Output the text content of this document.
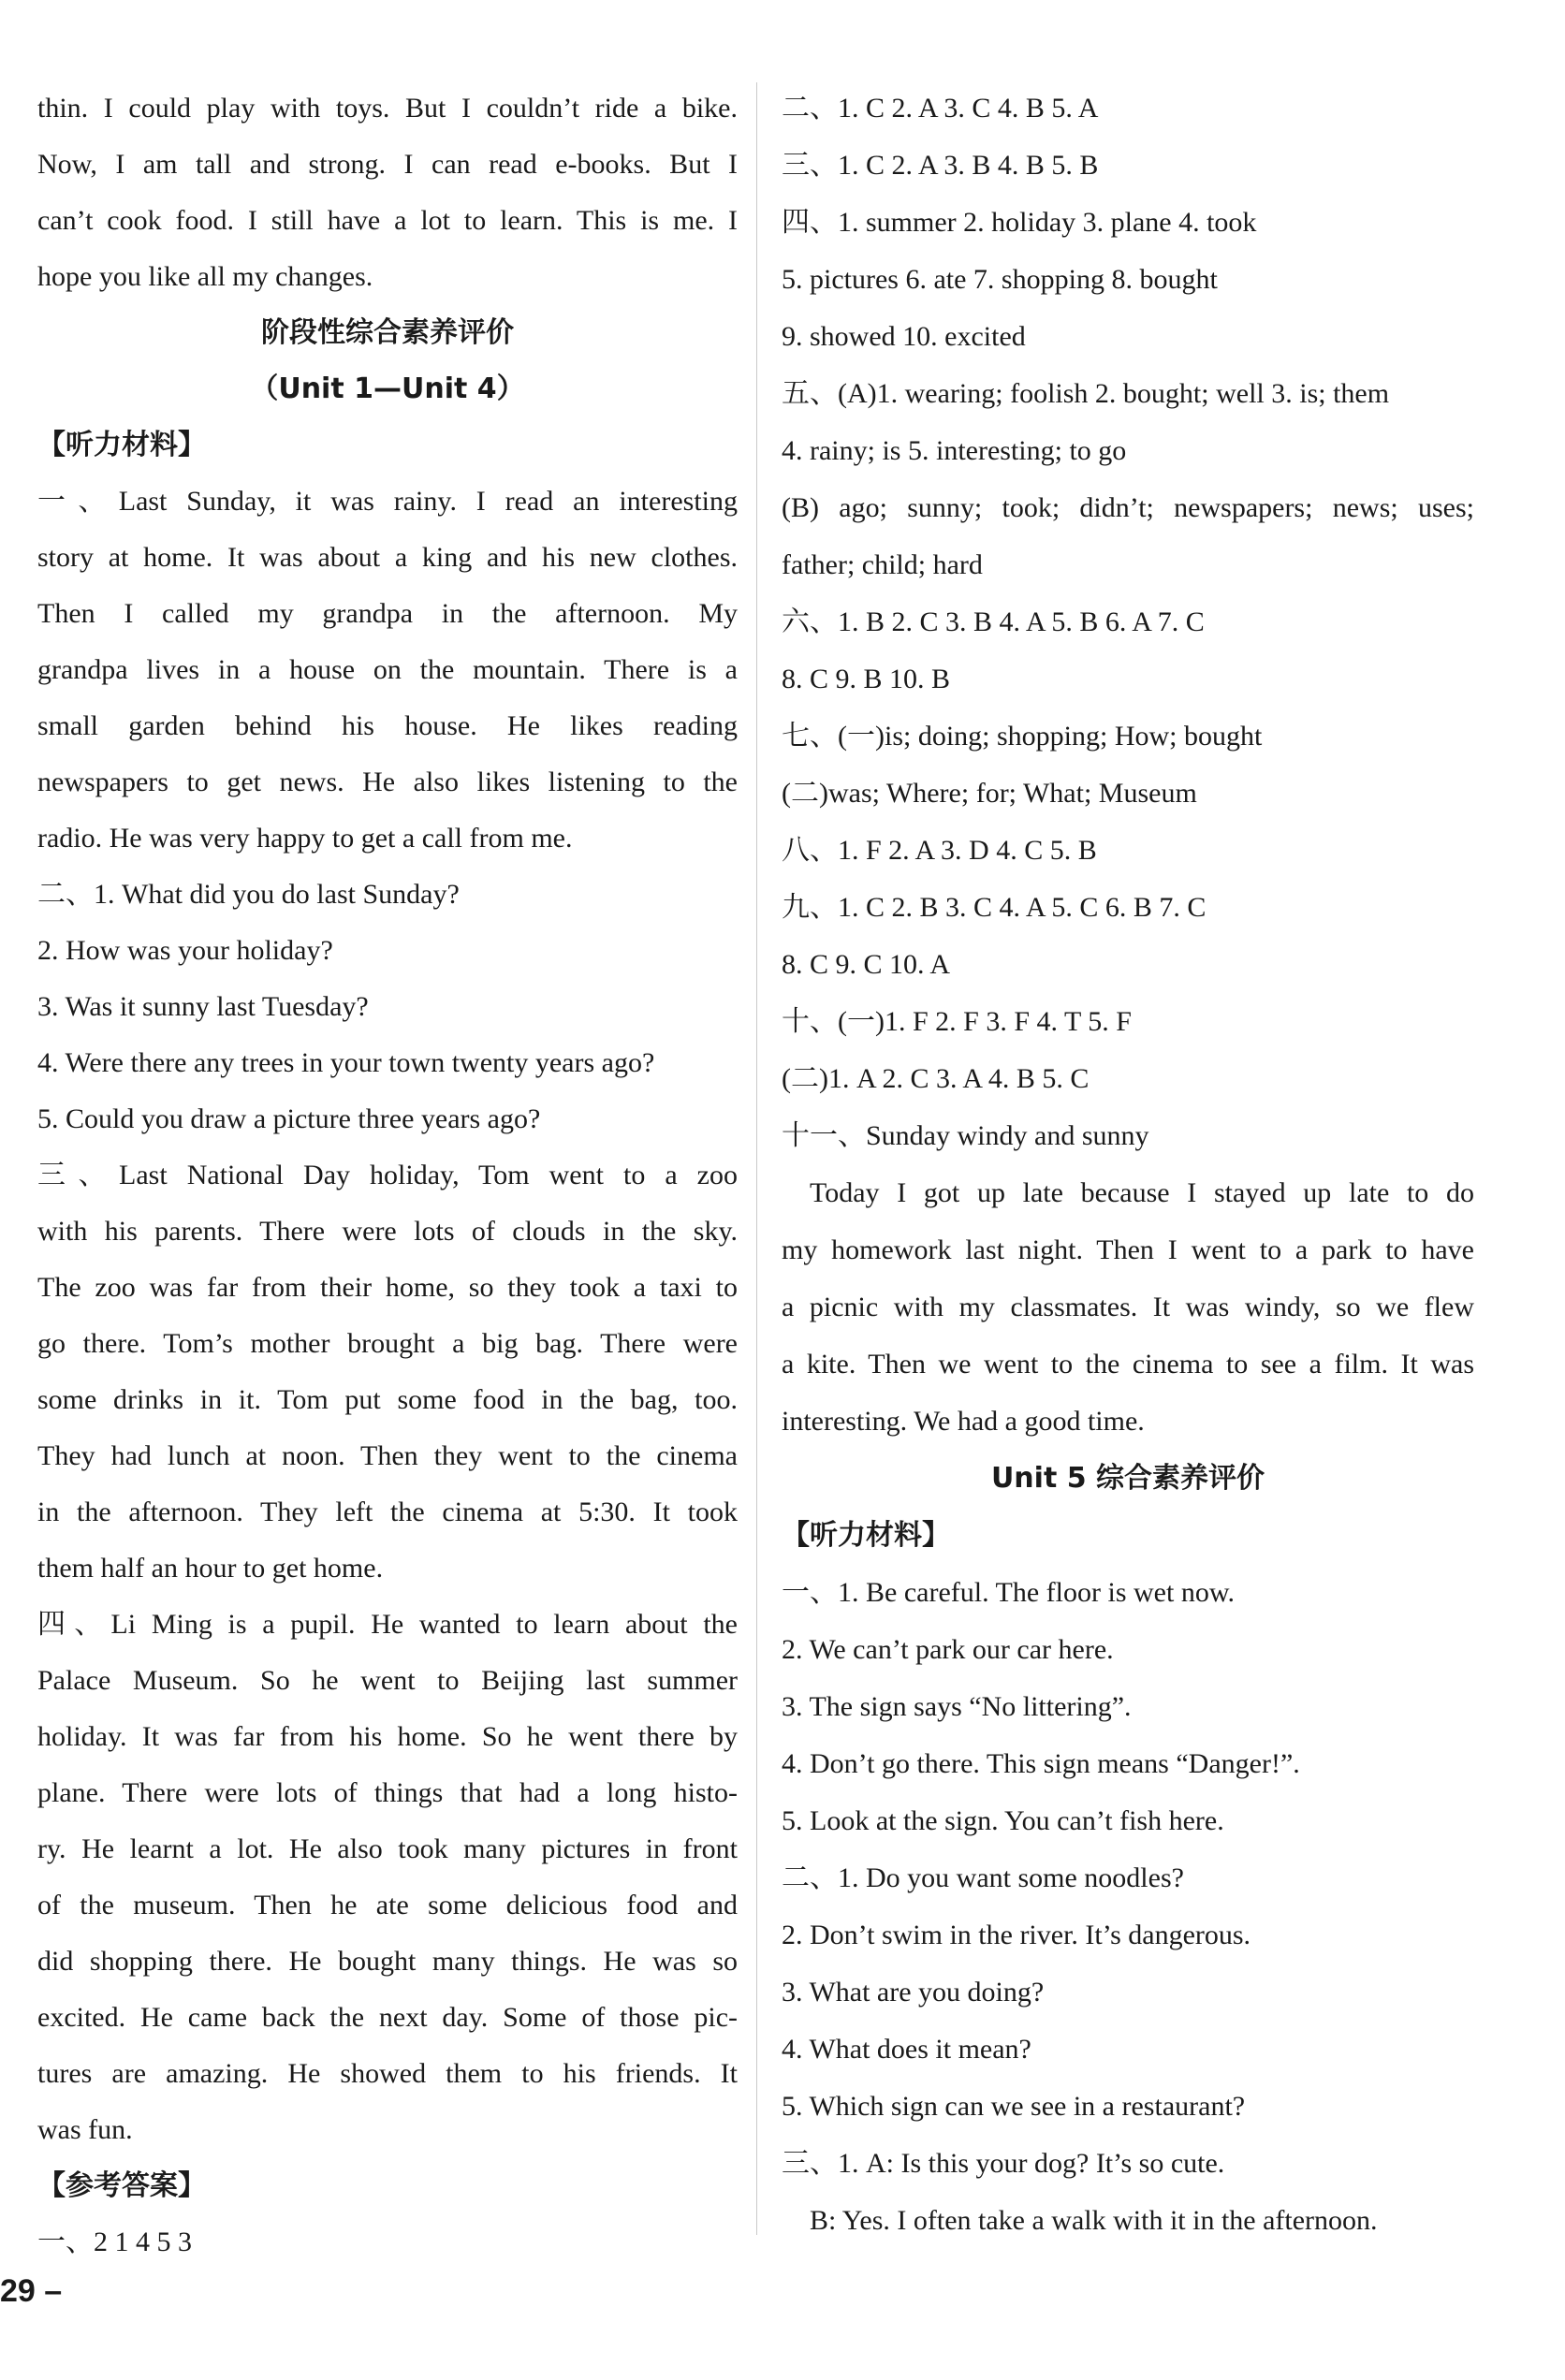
thin. I could play with toys. But I couldn’t ride a bike.
Now, I am tall and strong. I can read e-books. But I
can’t cook food. I still have a lot to learn. This is me. I
hope you like all my changes.
阶段性综合素养评价
（Unit 1—Unit 4）
【听力材料】
一、Last Sunday, it was rainy. I read an interesting
story at home. It was about a king and his new clothes.
Then I called my grandpa in the afternoon. My
grandpa lives in a house on the mountain. There is a
small garden behind his house. He likes reading
newspapers to get news. He also likes listening to the
radio. He was very happy to get a call from me.
二、1. What did you do last Sunday?
2. How was your holiday?
3. Was it sunny last Tuesday?
4. Were there any trees in your town twenty years ago?
5. Could you draw a picture three years ago?
三、Last National Day holiday, Tom went to a zoo
with his parents. There were lots of clouds in the sky.
The zoo was far from their home, so they took a taxi to
go there. Tom’s mother brought a big bag. There were
some drinks in it. Tom put some food in the bag, too.
They had lunch at noon. Then they went to the cinema
in the afternoon. They left the cinema at 5:30. It took
them half an hour to get home.
四、Li Ming is a pupil. He wanted to learn about the
Palace Museum. So he went to Beijing last summer
holiday. It was far from his home. So he went there by
plane. There were lots of things that had a long histo-
ry. He learnt a lot. He also took many pictures in front
of the museum. Then he ate some delicious food and
did shopping there. He bought many things. He was so
excited. He came back the next day. Some of those pic-
tures are amazing. He showed them to his friends. It
was fun.
【参考答案】
一、2 1 4 5 3
二、1. C 2. A 3. C 4. B 5. A
三、1. C 2. A 3. B 4. B 5. B
四、1. summer 2. holiday 3. plane 4. took
5. pictures 6. ate 7. shopping 8. bought
9. showed 10. excited
五、(A)1. wearing; foolish 2. bought; well 3. is; them
4. rainy; is 5. interesting; to go
(B) ago; sunny; took; didn’t; newspapers; news; uses;
father; child; hard
六、1. B 2. C 3. B 4. A 5. B 6. A 7. C
8. C 9. B 10. B
七、(一)is; doing; shopping; How; bought
(二)was; Where; for; What; Museum
八、1. F 2. A 3. D 4. C 5. B
九、1. C 2. B 3. C 4. A 5. C 6. B 7. C
8. C 9. C 10. A
十、(一)1. F 2. F 3. F 4. T 5. F
(二)1. A 2. C 3. A 4. B 5. C
十一、Sunday windy and sunny
Today I got up late because I stayed up late to do
my homework last night. Then I went to a park to have
a picnic with my classmates. It was windy, so we flew
a kite. Then we went to the cinema to see a film. It was
interesting. We had a good time.
Unit 5 综合素养评价
【听力材料】
一、1. Be careful. The floor is wet now.
2. We can’t park our car here.
3. The sign says “No littering”.
4. Don’t go there. This sign means “Danger!”.
5. Look at the sign. You can’t fish here.
二、1. Do you want some noodles?
2. Don’t swim in the river. It’s dangerous.
3. What are you doing?
4. What does it mean?
5. Which sign can we see in a restaurant?
三、1. A: Is this your dog? It’s so cute.
B: Yes. I often take a walk with it in the afternoon.
29 –
